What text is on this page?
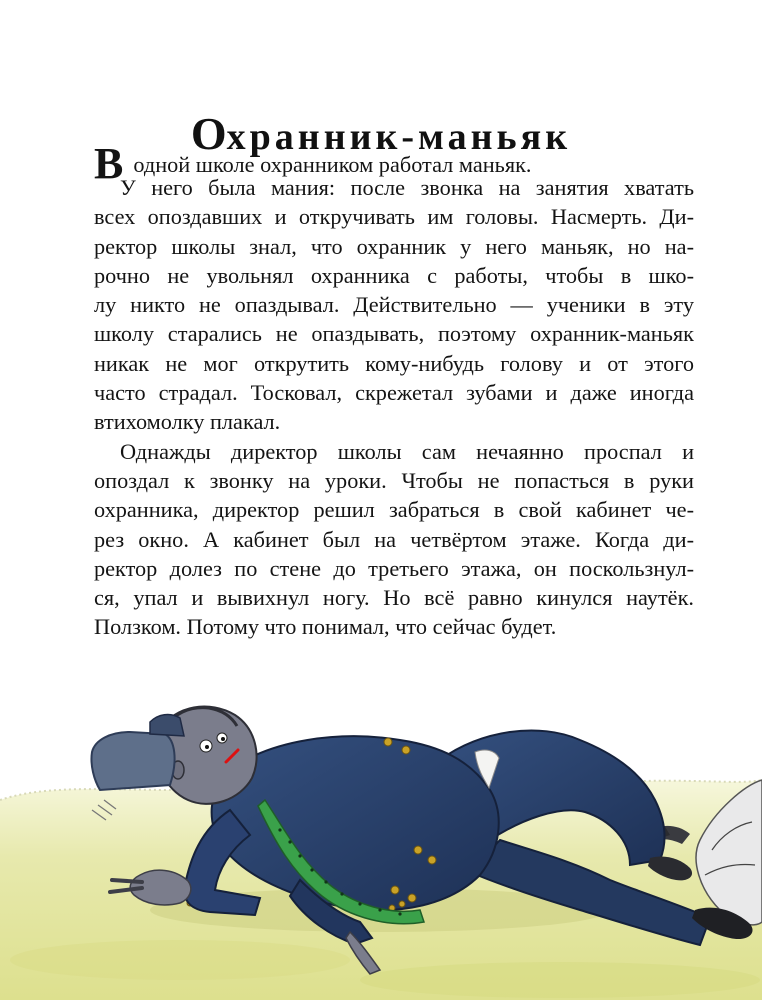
Охранник-маньяк
Водной школе охранником работал маньяк.
У него была мания: после звонка на занятия хватать
всех опоздавших и откручивать им головы. Насмерть. Ди-
ректор школы знал, что охранник у него маньяк, но на-
рочно не увольнял охранника с работы, чтобы в шко-
лу никто не опаздывал. Действительно — ученики в эту
школу старались не опаздывать, поэтому охранник-маньяк
никак не мог открутить кому-нибудь голову и от этого
часто страдал. Тосковал, скрежетал зубами и даже иногда
втихомолку плакал.
Однажды директор школы сам нечаянно проспал и
опоздал к звонку на уроки. Чтобы не попасться в руки
охранника, директор решил забраться в свой кабинет че-
рез окно. А кабинет был на четвёртом этаже. Когда ди-
ректор долез по стене до третьего этажа, он поскользнул-
ся, упал и вывихнул ногу. Но всё равно кинулся наутёк.
Ползком. Потому что понимал, что сейчас будет.
